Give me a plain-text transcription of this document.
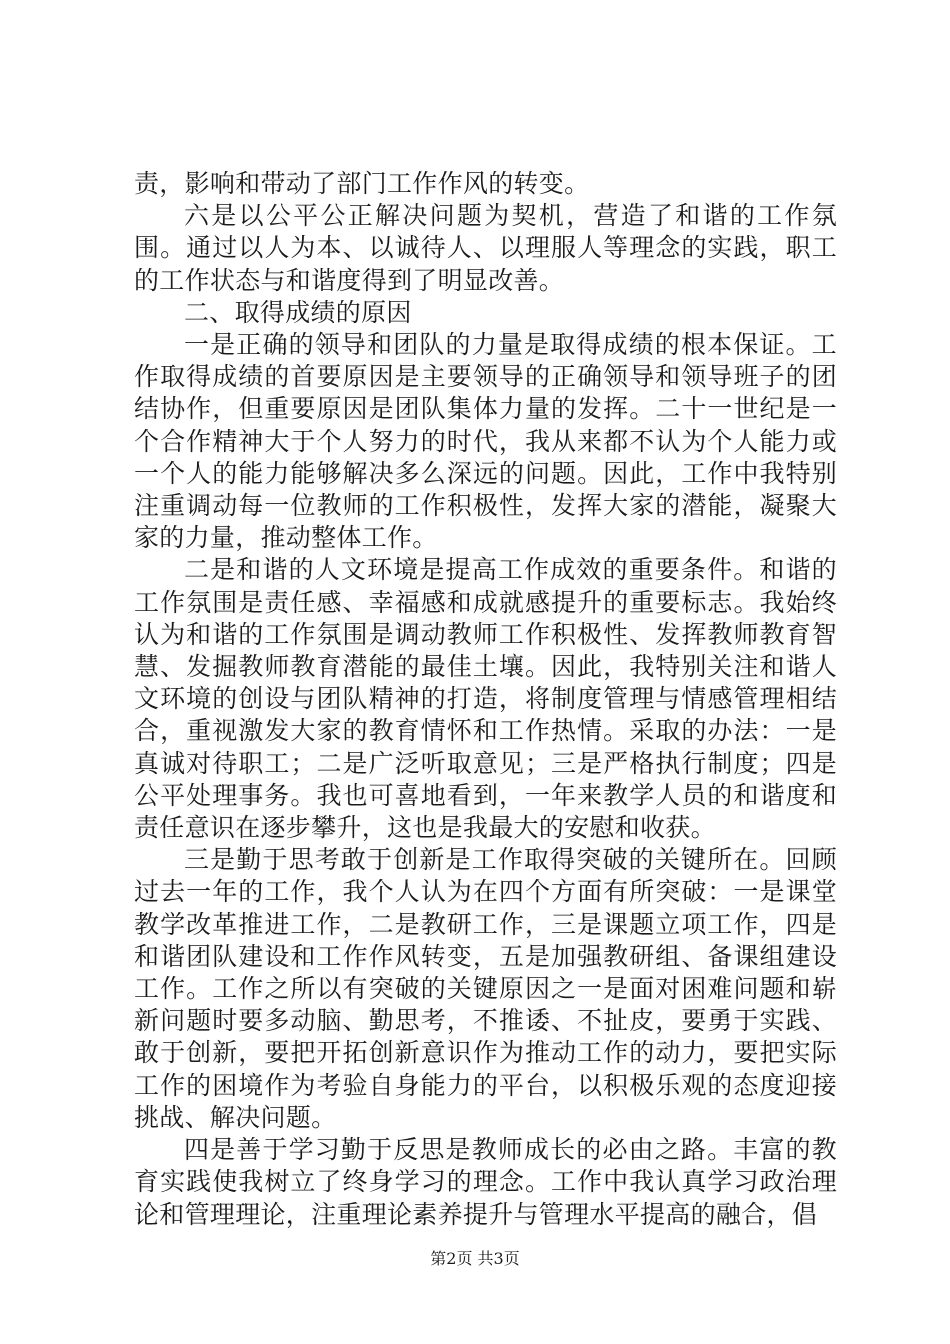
责，影响和带动了部门工作作风的转变。

六是以公平公正解决问题为契机，营造了和谐的工作氛围。通过以人为本、以诚待人、以理服人等理念的实践，职工的工作状态与和谐度得到了明显改善。

二、取得成绩的原因

一是正确的领导和团队的力量是取得成绩的根本保证。工作取得成绩的首要原因是主要领导的正确领导和领导班子的团结协作，但重要原因是团队集体力量的发挥。二十一世纪是一个合作精神大于个人努力的时代，我从来都不认为个人能力或一个人的能力能够解决多么深远的问题。因此，工作中我特别注重调动每一位教师的工作积极性，发挥大家的潜能，凝聚大家的力量，推动整体工作。

二是和谐的人文环境是提高工作成效的重要条件。和谐的工作氛围是责任感、幸福感和成就感提升的重要标志。我始终认为和谐的工作氛围是调动教师工作积极性、发挥教师教育智慧、发掘教师教育潜能的最佳土壤。因此，我特别关注和谐人文环境的创设与团队精神的打造，将制度管理与情感管理相结合，重视激发大家的教育情怀和工作热情。采取的办法：一是真诚对待职工；二是广泛听取意见；三是严格执行制度；四是公平处理事务。我也可喜地看到，一年来教学人员的和谐度和责任意识在逐步攀升，这也是我最大的安慰和收获。

三是勤于思考敢于创新是工作取得突破的关键所在。回顾过去一年的工作，我个人认为在四个方面有所突破：一是课堂教学改革推进工作，二是教研工作，三是课题立项工作，四是和谐团队建设和工作作风转变，五是加强教研组、备课组建设工作。工作之所以有突破的关键原因之一是面对困难问题和崭新问题时要多动脑、勤思考，不推诿、不扯皮，要勇于实践、敢于创新，要把开拓创新意识作为推动工作的动力，要把实际工作的困境作为考验自身能力的平台，以积极乐观的态度迎接挑战、解决问题。

四是善于学习勤于反思是教师成长的必由之路。丰富的教育实践使我树立了终身学习的理念。工作中我认真学习政治理论和管理理论，注重理论素养提升与管理水平提高的融合，倡

第2页 共3页
